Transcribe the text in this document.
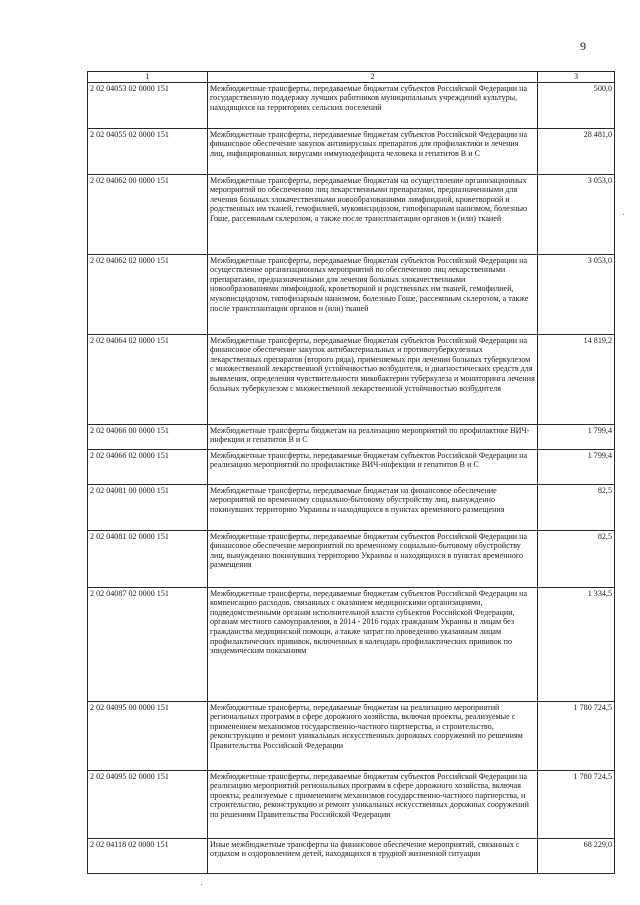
9
1	2	3
2 02 04053 02 0000 151	Межбюджетные трансферты, передаваемые бюджетам субъектов Российской Федерации на государственную поддержку лучших работников муниципальных учреждений культуры, находящихся на территориях сельских поселений	500,0
2 02 04055 02 0000 151	Межбюджетные трансферты, передаваемые бюджетам субъектов Российской Федерации на финансовое обеспечение закупок антивирусных препаратов для профилактики и лечения лиц, инфицированных вирусами иммунодефицита человека и гепатитов В и С	28 481,0
2 02 04062 00 0000 151	Межбюджетные трансферты, передаваемые бюджетам на осуществление организационных мероприятий по обеспечению лиц лекарственными препаратами, предназначенными для лечения больных злокачественными новообразованиями лимфоидной, кроветворной и родственных им тканей, гемофилией, муковисцидозом, гипофизарным нанизмом, болезнью Гоше, рассеянным склерозом, а также после трансплантации органов и (или) тканей	3 053,0
2 02 04062 02 0000 151	Межбюджетные трансферты, передаваемые бюджетам субъектов Российской Федерации на осуществление организационных мероприятий по обеспечению лиц лекарственными препаратами, предназначенными для лечения больных злокачественными новообразованиями лимфоидной, кроветворной и родственных им тканей, гемофилией, муковисцидозом, гипофизарным нанизмом, болезнью Гоше, рассеянным склерозом, а также после трансплантации органов и (или) тканей	3 053,0
2 02 04064 02 0000 151	Межбюджетные трансферты, передаваемые бюджетам субъектов Российской Федерации на финансовое обеспечение закупок антибактериальных и противотуберкулезных лекарственных препаратов (второго ряда), применяемых при лечении больных туберкулезом с множественной лекарственной устойчивостью возбудителя, и диагностических средств для выявления, определения чувствительности микобактерии туберкулеза и мониторинга лечения больных туберкулезом с множественной лекарственной устойчивостью возбудителя	14 819,2
2 02 04066 00 0000 151	Межбюджетные трансферты бюджетам на реализацию мероприятий по профилактике ВИЧ-инфекции и гепатитов В и С	1 799,4
2 02 04066 02 0000 151	Межбюджетные трансферты, передаваемые бюджетам субъектов Российской Федерации на реализацию мероприятий по профилактике ВИЧ-инфекции и гепатитов В и С	1 799,4
2 02 04081 00 0000 151	Межбюджетные трансферты, передаваемые бюджетам на финансовое обеспечение мероприятий по временному социально-бытовому обустройству лиц, вынужденно покинувших территорию Украины и находящихся в пунктах временного размещения	82,5
2 02 04081 02 0000 151	Межбюджетные трансферты, передаваемые бюджетам субъектов Российской Федерации на финансовое обеспечение мероприятий по временному социально-бытовому обустройству лиц, вынужденно покинувших территорию Украины и находящихся в пунктах временного размещения	82,5
2 02 04087 02 0000 151	Межбюджетные трансферты, передаваемые бюджетам субъектов Российской Федерации на компенсацию расходов, связанных с оказанием медицинскими организациями, подведомственными органам исполнительной власти субъектов Российской Федерации, органам местного самоуправления, в 2014 - 2016 годах гражданам Украины и лицам без гражданства медицинской помощи, а также затрат по проведению указанным лицам профилактических прививок, включенных в календарь профилактических прививок по эпидемическим показаниям	1 334,5
2 02 04095 00 0000 151	Межбюджетные трансферты, передаваемые бюджетам на реализацию мероприятий региональных программ в сфере дорожного хозяйства, включая проекты, реализуемые с применением механизмов государственно-частного партнерства, и строительство, реконструкцию и ремонт уникальных искусственных дорожных сооружений по решениям Правительства Российской Федерации	1 780 724,5
2 02 04095 02 0000 151	Межбюджетные трансферты, передаваемые бюджетам субъектов Российской Федерации на реализацию мероприятий региональных программ в сфере дорожного хозяйства, включая проекты, реализуемые с применением механизмов государственно-частного партнерства, и строительство, реконструкцию и ремонт уникальных искусственных дорожных сооружений по решениям Правительства Российской Федерации	1 780 724,5
2 02 04118 02 0000 151	Иные межбюджетные трансферты на финансовое обеспечение мероприятий, связанных с отдыхом и оздоровлением детей, находящихся в трудной жизненной ситуации	68 229,0
·
·
